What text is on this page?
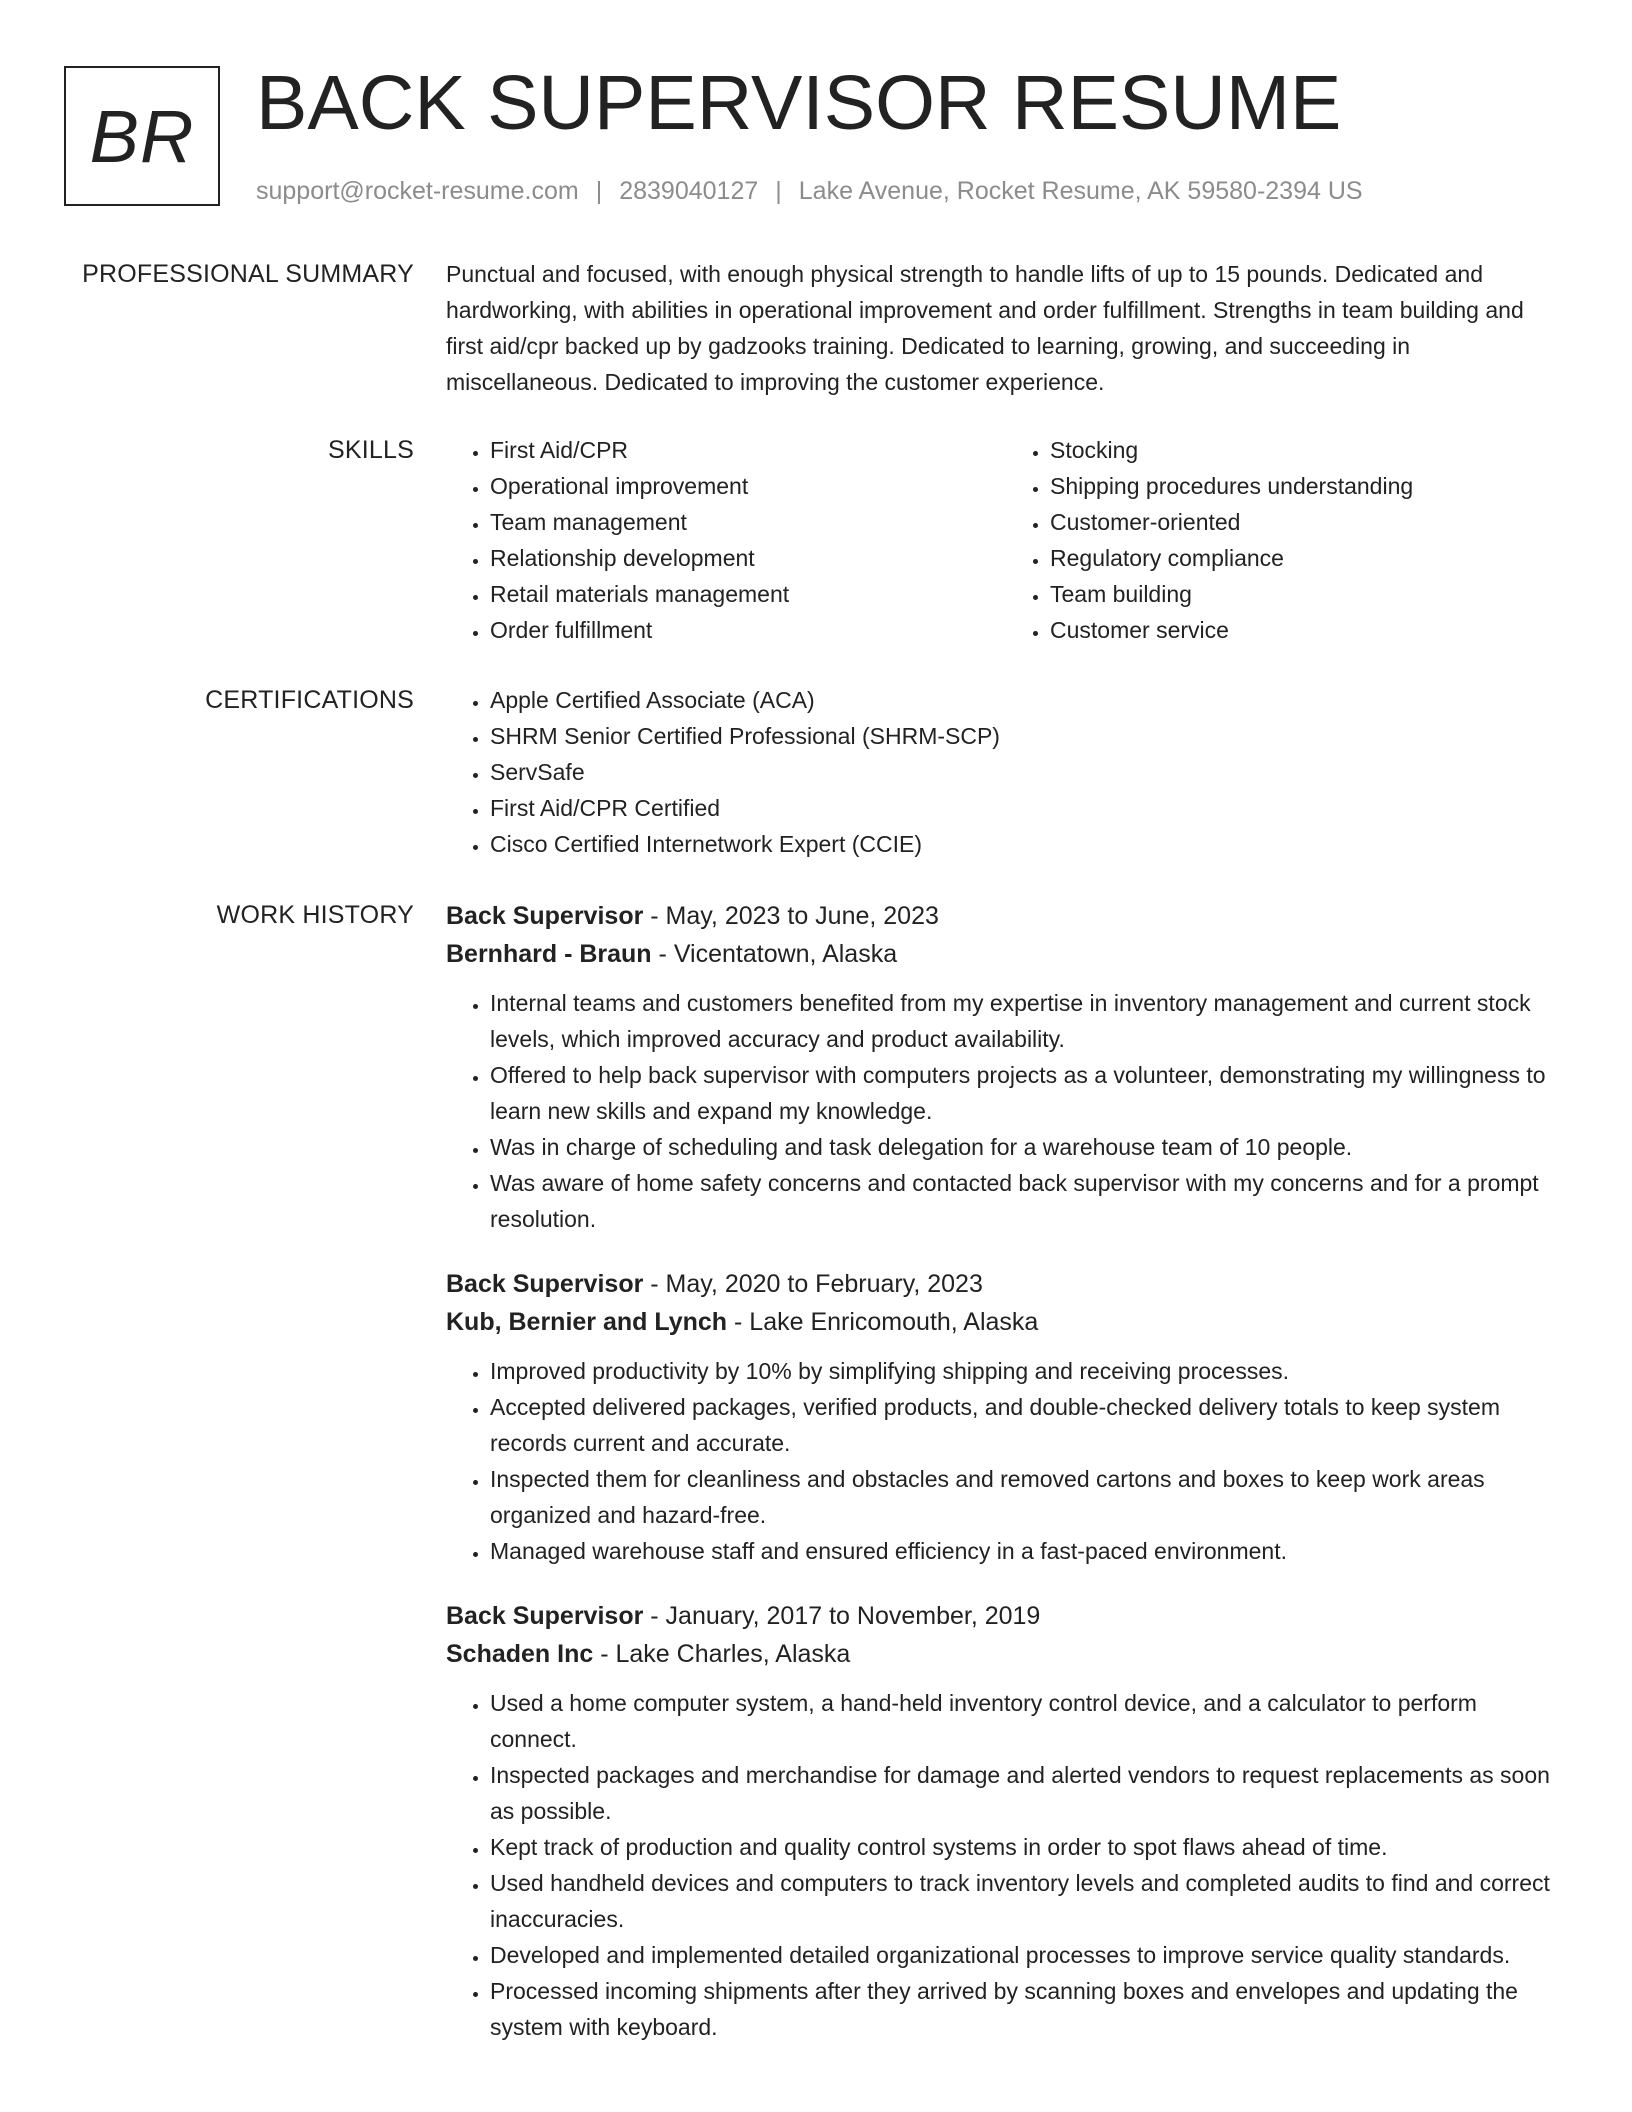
BR BACK SUPERVISOR RESUME
support@rocket-resume.com | 2839040127 | Lake Avenue, Rocket Resume, AK 59580-2394 US
PROFESSIONAL SUMMARY Punctual and focused, with enough physical strength to handle lifts of up to 15 pounds. Dedicated and hardworking, with abilities in operational improvement and order fulfillment. Strengths in team building and first aid/cpr backed up by gadzooks training. Dedicated to learning, growing, and succeeding in miscellaneous. Dedicated to improving the customer experience.

SKILLS	• First Aid/CPR
• Operational improvement
• Team management
• Relationship development
• Retail materials management
• Order fulfillment
• Stocking
• Shipping procedures understanding
• Customer-oriented
• Regulatory compliance
• Team building
• Customer service
CERTIFICATIONS	• Apple Certified Associate (ACA)
• SHRM Senior Certified Professional (SHRM-SCP)
• ServSafe
• First Aid/CPR Certified
• Cisco Certified Internetwork Expert (CCIE)
WORK HISTORY Back Supervisor - May, 2023 to June, 2023
Bernhard - Braun - Vicentatown, Alaska
• Internal teams and customers benefited from my expertise in inventory management and current stock levels, which improved accuracy and product availability.
• Offered to help back supervisor with computers projects as a volunteer, demonstrating my willingness to learn new skills and expand my knowledge.
• Was in charge of scheduling and task delegation for a warehouse team of 10 people.
• Was aware of home safety concerns and contacted back supervisor with my concerns and for a prompt resolution.
Back Supervisor - May, 2020 to February, 2023
Kub, Bernier and Lynch - Lake Enricomouth, Alaska
• Improved productivity by 10% by simplifying shipping and receiving processes.
• Accepted delivered packages, verified products, and double-checked delivery totals to keep system records current and accurate.
• Inspected them for cleanliness and obstacles and removed cartons and boxes to keep work areas organized and hazard-free.
• Managed warehouse staff and ensured efficiency in a fast-paced environment.
Back Supervisor - January, 2017 to November, 2019
Schaden Inc - Lake Charles, Alaska
• Used a home computer system, a hand-held inventory control device, and a calculator to perform connect.
• Inspected packages and merchandise for damage and alerted vendors to request replacements as soon as possible.
• Kept track of production and quality control systems in order to spot flaws ahead of time.
• Used handheld devices and computers to track inventory levels and completed audits to find and correct inaccuracies.
• Developed and implemented detailed organizational processes to improve service quality standards.
• Processed incoming shipments after they arrived by scanning boxes and envelopes and updating the system with keyboard.
